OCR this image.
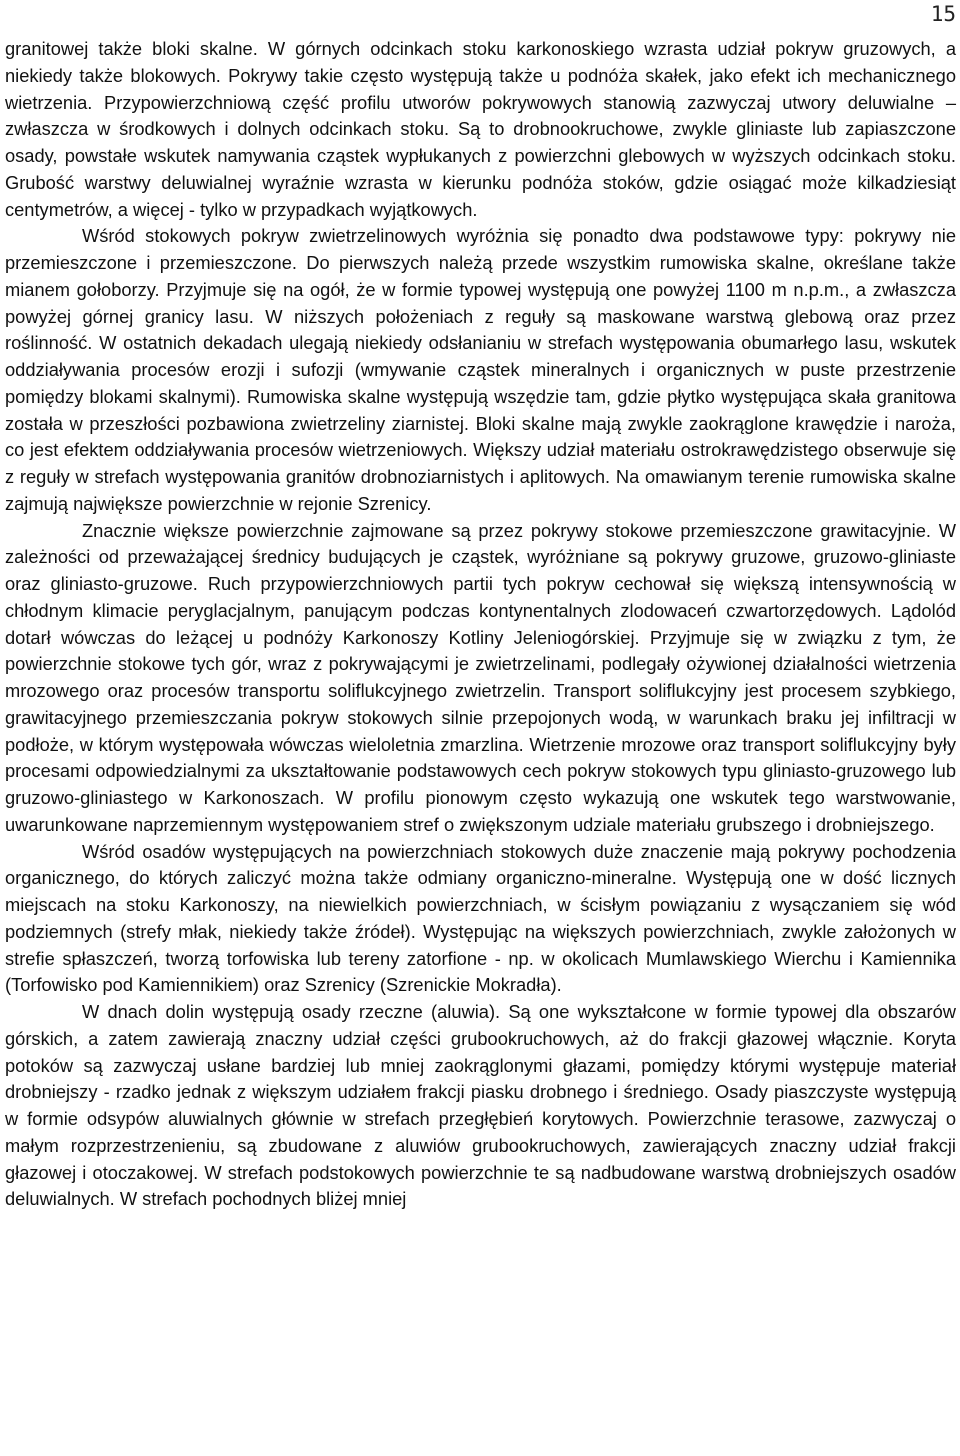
15

granitowej także bloki skalne. W górnych odcinkach stoku karkonoskiego wzrasta udział pokryw gruzowych, a niekiedy także blokowych. Pokrywy takie często występują także u podnóża skałek, jako efekt ich mechanicznego wietrzenia. Przypowierzchniową część profilu utworów pokrywowych stanowią zazwyczaj utwory deluwialne – zwłaszcza w środkowych i dolnych odcinkach stoku. Są to drobnookruchowe, zwykle gliniaste lub zapiaszczone osady, powstałe wskutek namywania cząstek wypłukanych z powierzchni glebowych w wyższych odcinkach stoku. Grubość warstwy deluwialnej wyraźnie wzrasta w kierunku podnóża stoków, gdzie osiągać może kilkadziesiąt centymetrów, a więcej - tylko w przypadkach wyjątkowych.

Wśród stokowych pokryw zwietrzelinowych wyróżnia się ponadto dwa podstawowe typy: pokrywy nie przemieszczone i przemieszczone. Do pierwszych należą przede wszystkim rumowiska skalne, określane także mianem gołoborzy. Przyjmuje się na ogół, że w formie typowej występują one powyżej 1100 m n.p.m., a zwłaszcza powyżej górnej granicy lasu. W niższych położeniach z reguły są maskowane warstwą glebową oraz przez roślinność. W ostatnich dekadach ulegają niekiedy odsłanianiu w strefach występowania obumarłego lasu, wskutek oddziaływania procesów erozji i sufozji (wmywanie cząstek mineralnych i organicznych w puste przestrzenie pomiędzy blokami skalnymi). Rumowiska skalne występują wszędzie tam, gdzie płytko występująca skała granitowa została w przeszłości pozbawiona zwietrzeliny ziarnistej. Bloki skalne mają zwykle zaokrąglone krawędzie i naroża, co jest efektem oddziaływania procesów wietrzeniowych. Większy udział materiału ostrokrawędzistego obserwuje się z reguły w strefach występowania granitów drobnoziarnistych i aplitowych. Na omawianym terenie rumowiska skalne zajmują największe powierzchnie w rejonie Szrenicy.

Znacznie większe powierzchnie zajmowane są przez pokrywy stokowe przemieszczone grawitacyjnie. W zależności od przeważającej średnicy budujących je cząstek, wyróżniane są pokrywy gruzowe, gruzowo-gliniaste oraz gliniasto-gruzowe. Ruch przypowierzchniowych partii tych pokryw cechował się większą intensywnością w chłodnym klimacie peryglacjalnym, panującym podczas kontynentalnych zlodowaceń czwartorzędowych. Lądolód dotarł wówczas do leżącej u podnóży Karkonoszy Kotliny Jeleniogórskiej. Przyjmuje się w związku z tym, że powierzchnie stokowe tych gór, wraz z pokrywającymi je zwietrzelinami, podlegały ożywionej działalności wietrzenia mrozowego oraz procesów transportu soliflukcyjnego zwietrzelin. Transport soliflukcyjny jest procesem szybkiego, grawitacyjnego przemieszczania pokryw stokowych silnie przepojonych wodą, w warunkach braku jej infiltracji w podłoże, w którym występowała wówczas wieloletnia zmarzlina. Wietrzenie mrozowe oraz transport soliflukcyjny były procesami odpowiedzialnymi za ukształtowanie podstawowych cech pokryw stokowych typu gliniasto-gruzowego lub gruzowo-gliniastego w Karkonoszach. W profilu pionowym często wykazują one wskutek tego warstwowanie, uwarunkowane naprzemiennym występowaniem stref o zwiększonym udziale materiału grubszego i drobniejszego.

Wśród osadów występujących na powierzchniach stokowych duże znaczenie mają pokrywy pochodzenia organicznego, do których zaliczyć można także odmiany organiczno-mineralne. Występują one w dość licznych miejscach na stoku Karkonoszy, na niewielkich powierzchniach, w ścisłym powiązaniu z wysączaniem się wód podziemnych (strefy młak, niekiedy także źródeł). Występując na większych powierzchniach, zwykle założonych w strefie spłaszczeń, tworzą torfowiska lub tereny zatorfione - np. w okolicach Mumlawskiego Wierchu i Kamiennika (Torfowisko pod Kamiennikiem) oraz Szrenicy (Szrenickie Mokradła).

W dnach dolin występują osady rzeczne (aluwia). Są one wykształcone w formie typowej dla obszarów górskich, a zatem zawierają znaczny udział części grubookruchowych, aż do frakcji głazowej włącznie. Koryta potoków są zazwyczaj usłane bardziej lub mniej zaokrąglonymi głazami, pomiędzy którymi występuje materiał drobniejszy - rzadko jednak z większym udziałem frakcji piasku drobnego i średniego. Osady piaszczyste występują w formie odsypów aluwialnych głównie w strefach przegłębień korytowych. Powierzchnie terasowe, zazwyczaj o małym rozprzestrzenieniu, są zbudowane z aluwiów grubookruchowych, zawierających znaczny udział frakcji głazowej i otoczakowej. W strefach podstokowych powierzchnie te są nadbudowane warstwą drobniejszych osadów deluwialnych. W strefach pochodnych bliżej mniej
